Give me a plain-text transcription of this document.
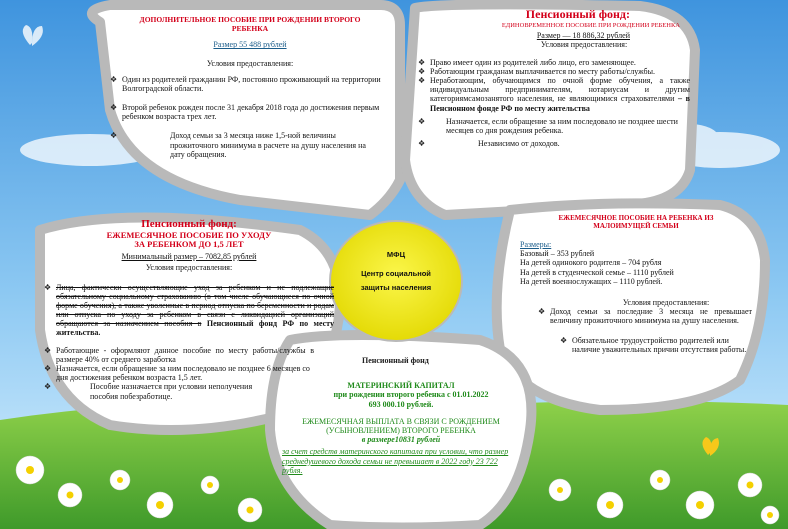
ДОПОЛНИТЕЛЬНОЕ ПОСОБИЕ ПРИ РОЖДЕНИИ ВТОРОГО РЕБЕНКА

Размер 55 488 рублей

Условия предоставления:

❖ Один из родителей гражданин РФ, постоянно проживающий на территории Волгоградской области.

❖ Второй ребенок рожден после 31 декабря 2018 года до достижения первым ребенком возраста трех лет.

❖ Доход семьи за 3 месяца ниже 1,5-ной величины прожиточного минимума в расчете на душу населения на дату обращения.

Пенсионный фонд:

ЕДИНОВРЕМЕННОЕ ПОСОБИЕ ПРИ РОЖДЕНИИ РЕБЕНКА

Размер — 18 886,32 рублей

Условия предоставления:

❖ Право имеет один из родителей либо лицо, его заменяющее.

❖ Работающим гражданам выплачивается по месту работы/службы.

❖ Неработающим, обучающимся по очной форме обучения, а также индивидуальным предпринимателям, нотариусам и другим категориямсамозанятого населения, не являющимися страхователями – в Пенсионном фонде РФ по месту жительства

❖ Назначается, если обращение за ним последовало не позднее шести месяцев со дня рождения ребенка.

❖ Независимо от доходов.

Пенсионный фонд:

ЕЖЕМЕСЯЧНОЕ ПОСОБИЕ ПО УХОДУ ЗА РЕБЕНКОМ ДО 1,5 ЛЕТ

Минимальный размер – 7082,85 рублей

Условия предоставления:

❖ Лица, фактически осуществляющие уход за ребенком и не подлежащие обязательному социальному страхованию (в том числе обучающиеся по очной форме обучения), а также уволенные в период отпуска по беременности и родам или отпуска по уходу за ребенком в связи с ликвидацией организаций обращаются за назначением пособия в Пенсионный фонд РФ по месту жительства.

❖ Работающие - оформляют данное пособие по месту работы/службы в размере 40% от среднего заработка

❖ Назначается, если обращение за ним последовало не позднее 6 месяцев со дня достижения ребенком возраста 1,5 лет.

❖ Пособие назначается при условии неполучения пособия побезработице.

МФЦ

Центр социальной защиты населения

ЕЖЕМЕСЯЧНОЕ ПОСОБИЕ НА РЕБЕНКА ИЗ МАЛОИМУЩЕЙ СЕМЬИ

Размеры:

Базовый – 353 рублей

На детей одинокого родителя – 704 рубля

На детей в студенческой семье – 1110 рублей

На детей военнослужащих – 1110 рублей.

Условия предоставления:

❖ Доход семьи за последние 3 месяца не превышает величину прожиточного минимума на душу населения.

❖ Обязательное трудоустройство родителей или наличие уважительных причин отсутствия работы.

Пенсионный фонд

МАТЕРИНСКИЙ КАПИТАЛ

при рождении второго ребенка с 01.01.2022

693 000.10 рублей.

ЕЖЕМЕСЯЧНАЯ ВЫПЛАТА В СВЯЗИ С РОЖДЕНИЕМ (УСЫНОВЛЕНИЕМ) ВТОРОГО РЕБЕНКА

в размере10831 рублей

за счет средств материнского капитала при условии, что размер среднедушевого дохода семьи не превышает в 2022 году 23 722 рубля.
